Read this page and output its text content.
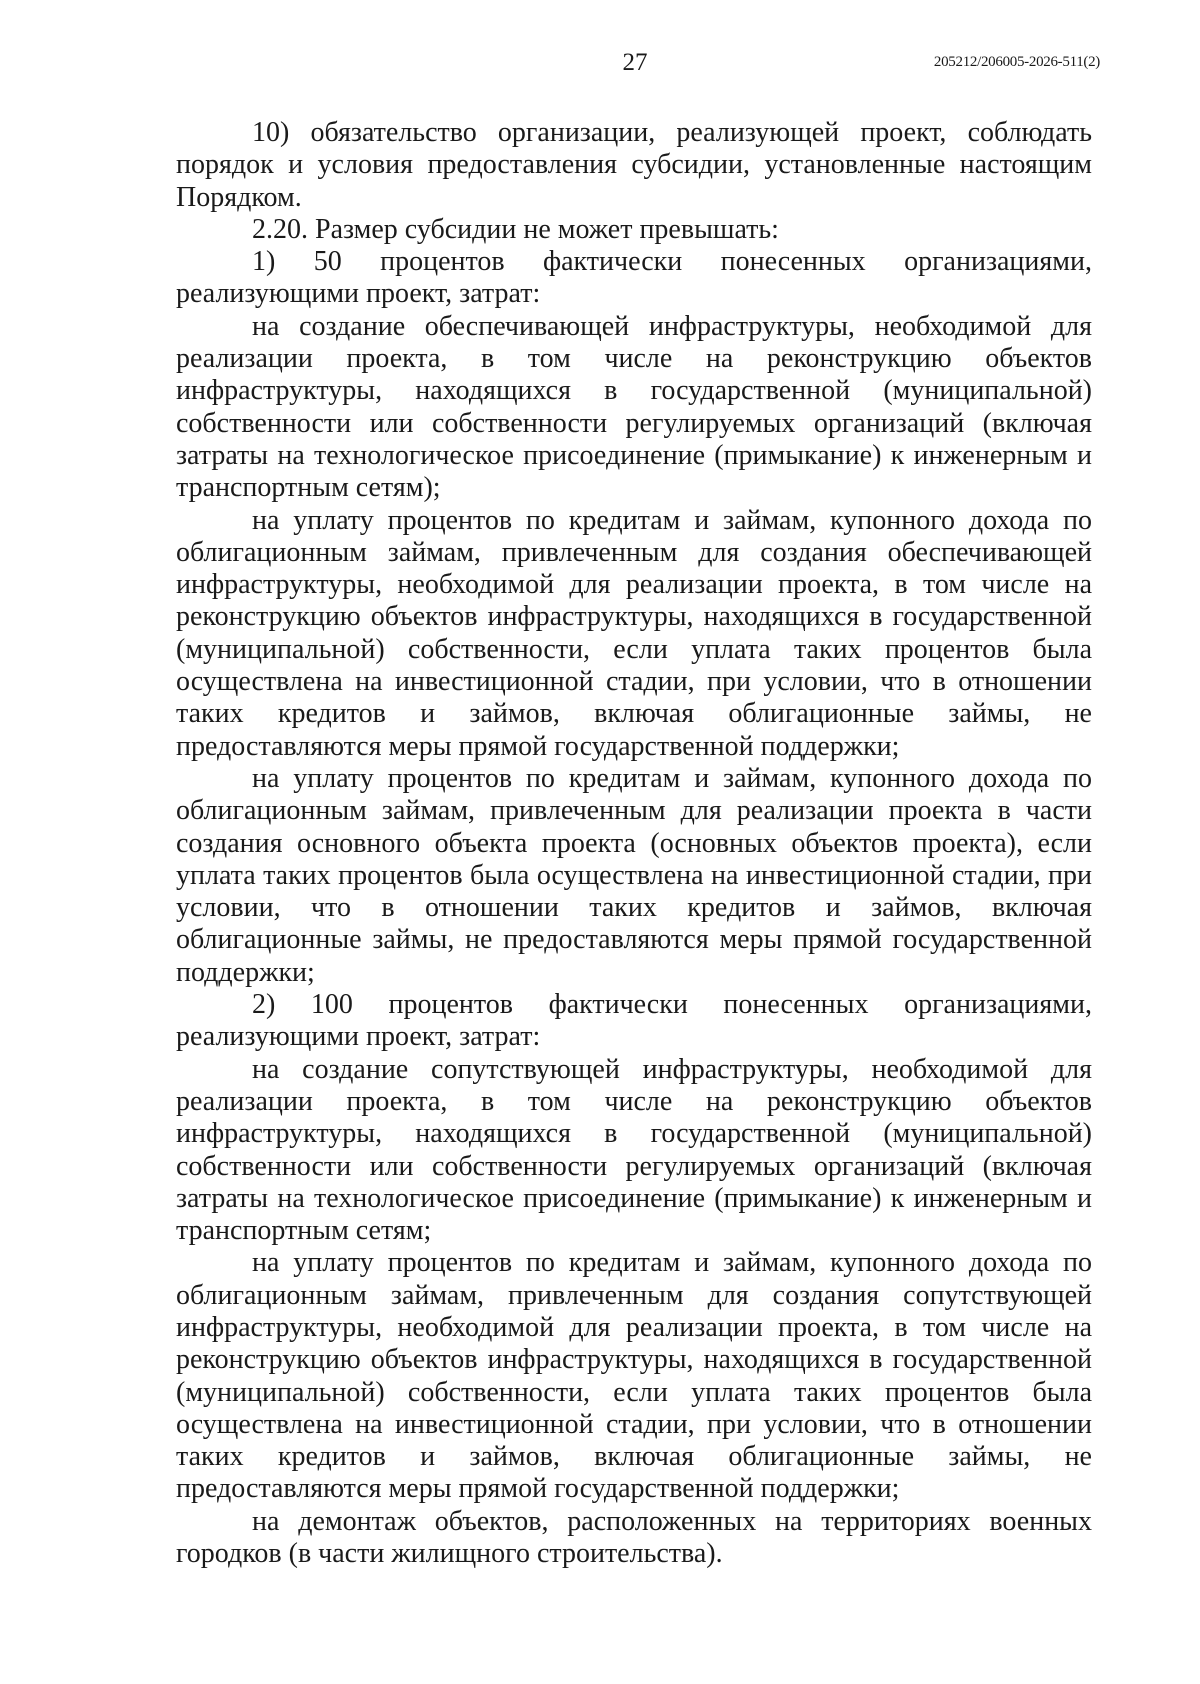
27	205212/206005-2026-511(2)

10) обязательство организации, реализующей проект, соблюдать порядок и условия предоставления субсидии, установленные настоящим Порядком.

2.20. Размер субсидии не может превышать:

1) 50 процентов фактически понесенных организациями, реализующими проект, затрат:

на создание обеспечивающей инфраструктуры, необходимой для реализации проекта, в том числе на реконструкцию объектов инфраструктуры, находящихся в государственной (муниципальной) собственности или собственности регулируемых организаций (включая затраты на технологическое присоединение (примыкание) к инженерным и транспортным сетям);

на уплату процентов по кредитам и займам, купонного дохода по облигационным займам, привлеченным для создания обеспечивающей инфраструктуры, необходимой для реализации проекта, в том числе на реконструкцию объектов инфраструктуры, находящихся в государственной (муниципальной) собственности, если уплата таких процентов была осуществлена на инвестиционной стадии, при условии, что в отношении таких кредитов и займов, включая облигационные займы, не предоставляются меры прямой государственной поддержки;

на уплату процентов по кредитам и займам, купонного дохода по облигационным займам, привлеченным для реализации проекта в части создания основного объекта проекта (основных объектов проекта), если уплата таких процентов была осуществлена на инвестиционной стадии, при условии, что в отношении таких кредитов и займов, включая облигационные займы, не предоставляются меры прямой государственной поддержки;

2) 100 процентов фактически понесенных организациями, реализующими проект, затрат:

на создание сопутствующей инфраструктуры, необходимой для реализации проекта, в том числе на реконструкцию объектов инфраструктуры, находящихся в государственной (муниципальной) собственности или собственности регулируемых организаций (включая затраты на технологическое присоединение (примыкание) к инженерным и транспортным сетям;

на уплату процентов по кредитам и займам, купонного дохода по облигационным займам, привлеченным для создания сопутствующей инфраструктуры, необходимой для реализации проекта, в том числе на реконструкцию объектов инфраструктуры, находящихся в государственной (муниципальной) собственности, если уплата таких процентов была осуществлена на инвестиционной стадии, при условии, что в отношении таких кредитов и займов, включая облигационные займы, не предоставляются меры прямой государственной поддержки;

на демонтаж объектов, расположенных на территориях военных городков (в части жилищного строительства).
